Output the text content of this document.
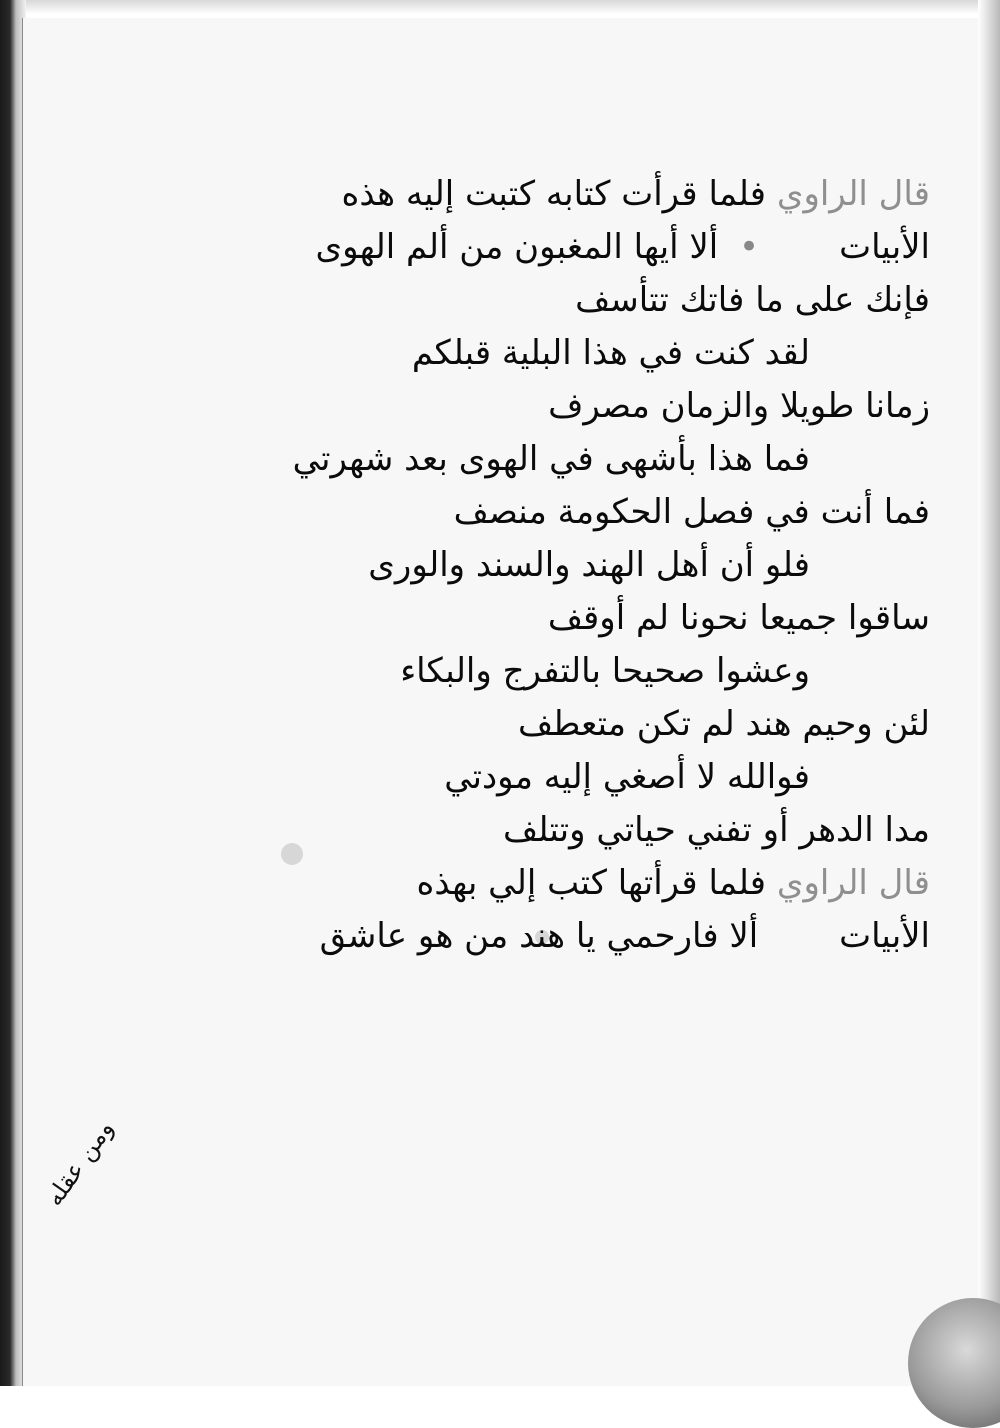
قال الراوي فلما قرأت كتابه كتبت إليه هذه
الأبيات• ألا أيها المغبون من ألم الهوى
فإنك على ما فاتك تتأسف
لقد كنت في هذا البلية قبلكم
زمانا طويلا والزمان مصرف
فما هذا بأشهى في الهوى بعد شهرتي
فما أنت في فصل الحكومة منصف
فلو أن أهل الهند والسند والورى
ساقوا جميعا نحونا لم أوقف
وعشوا صحيحا بالتفرج والبكاء
لئن وحيم هند لم تكن متعطف
فوالله لا أصغي إليه مودتي
مدا الدهر أو تفني حياتي وتتلف
قال الراوي فلما قرأتها كتب إلي بهذه
الأبيات ألا فارحمي يا هند من هو عاشق
ومن عقله
